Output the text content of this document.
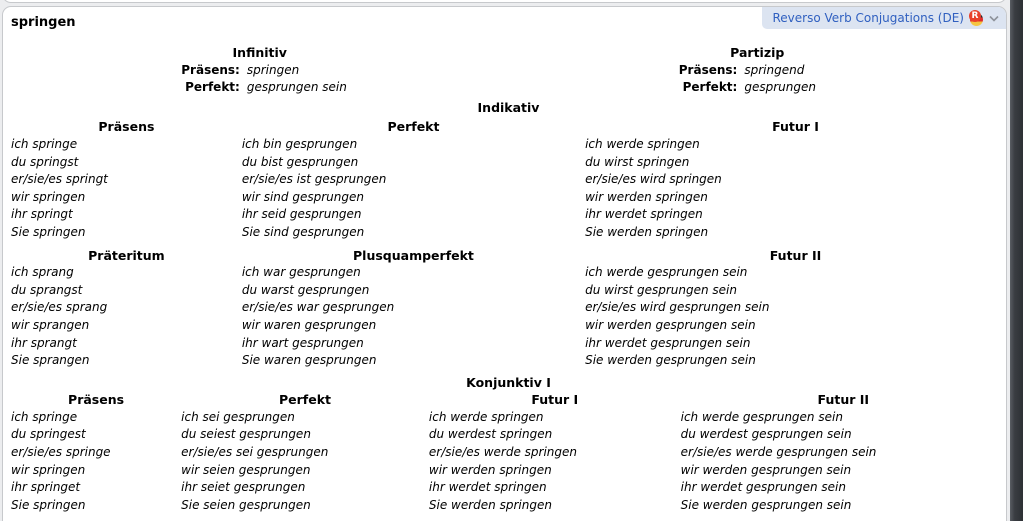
Reverso Verb Conjugations (DE) R
springen
Infinitiv
Präsens: springen
Perfekt: gesprungen sein
Partizip
Präsens: springend
Perfekt: gesprungen
Indikativ
Präsens
ich springe
du springst
er/sie/es springt
wir springen
ihr springt
Sie springen
Perfekt
ich bin gesprungen
du bist gesprungen
er/sie/es ist gesprungen
wir sind gesprungen
ihr seid gesprungen
Sie sind gesprungen
Futur I
ich werde springen
du wirst springen
er/sie/es wird springen
wir werden springen
ihr werdet springen
Sie werden springen
Präteritum
ich sprang
du sprangst
er/sie/es sprang
wir sprangen
ihr sprangt
Sie sprangen
Plusquamperfekt
ich war gesprungen
du warst gesprungen
er/sie/es war gesprungen
wir waren gesprungen
ihr wart gesprungen
Sie waren gesprungen
Futur II
ich werde gesprungen sein
du wirst gesprungen sein
er/sie/es wird gesprungen sein
wir werden gesprungen sein
ihr werdet gesprungen sein
Sie werden gesprungen sein
Konjunktiv I
Präsens
ich springe
du springest
er/sie/es springe
wir springen
ihr springet
Sie springen
Perfekt
ich sei gesprungen
du seiest gesprungen
er/sie/es sei gesprungen
wir seien gesprungen
ihr seiet gesprungen
Sie seien gesprungen
Futur I
ich werde springen
du werdest springen
er/sie/es werde springen
wir werden springen
ihr werdet springen
Sie werden springen
Futur II
ich werde gesprungen sein
du werdest gesprungen sein
er/sie/es werde gesprungen sein
wir werden gesprungen sein
ihr werdet gesprungen sein
Sie werden gesprungen sein
